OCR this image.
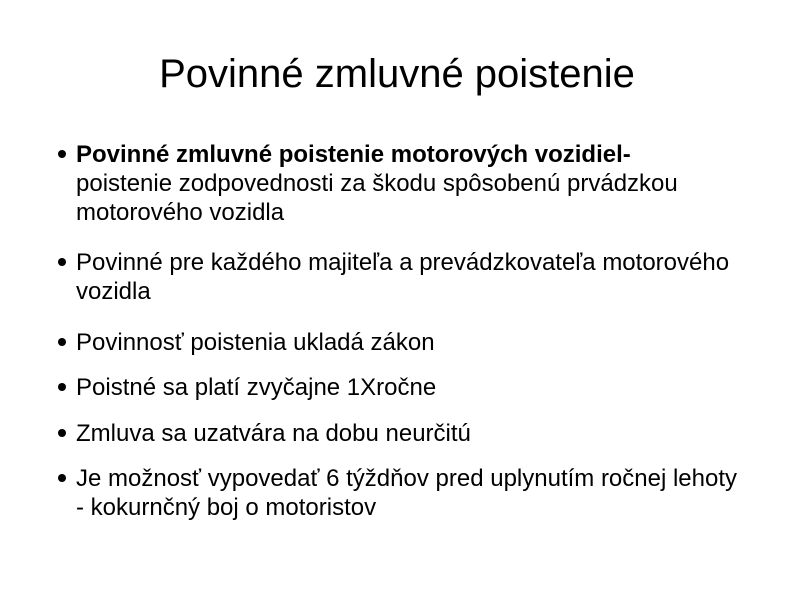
Povinné zmluvné poistenie
Povinné zmluvné poistenie motorových vozidiel-
poistenie zodpovednosti za škodu spôsobenú prvádzkou motorového vozidla
Povinné pre každého majiteľa a prevádzkovateľa motorového vozidla
Povinnosť poistenia ukladá zákon
Poistné sa platí zvyčajne 1Xročne
Zmluva sa uzatvára na dobu neurčitú
Je možnosť vypovedať 6 týždňov pred uplynutím ročnej lehoty - kokurnčný boj o motoristov
